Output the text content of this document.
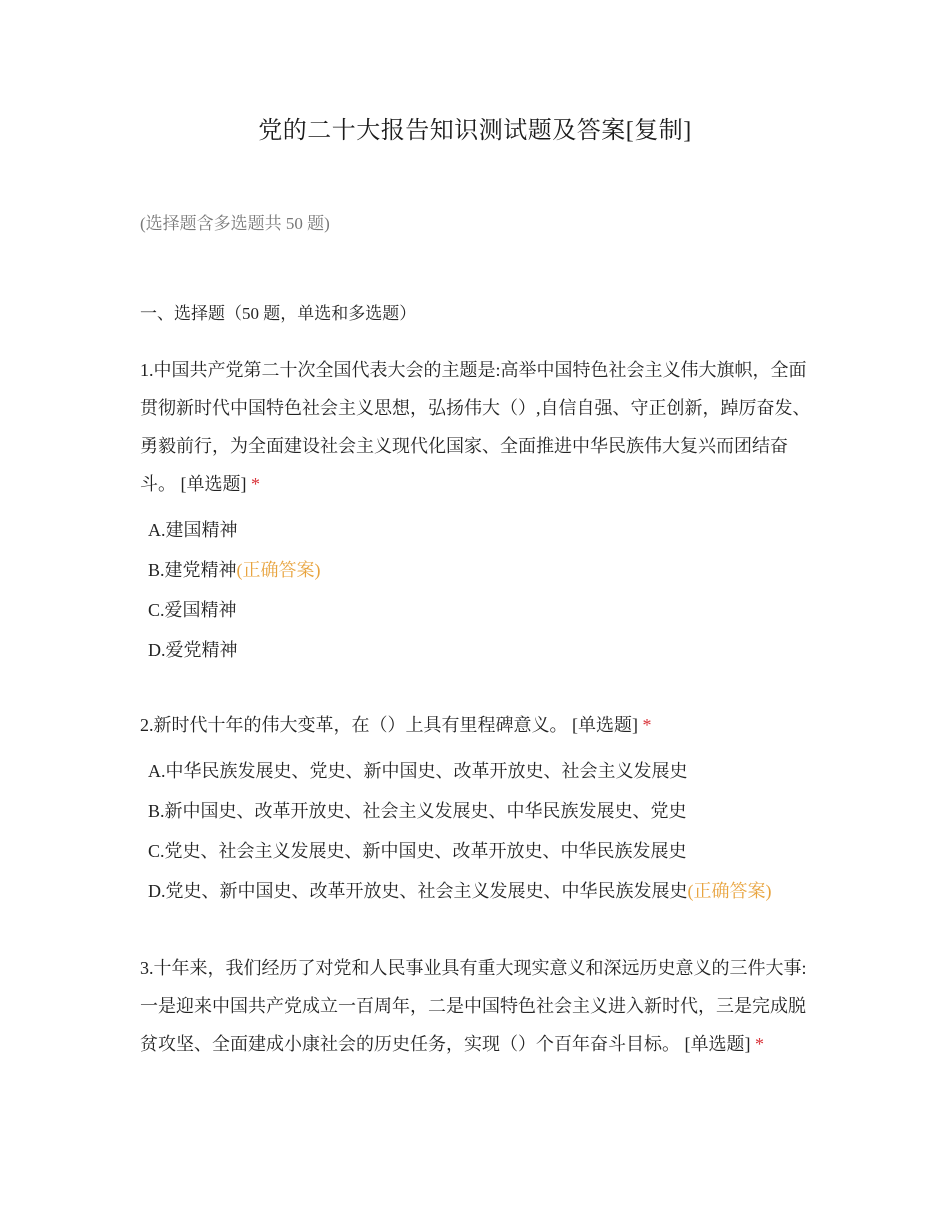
党的二十大报告知识测试题及答案[复制]
(选择题含多选题共 50 题)
一、选择题（50 题，单选和多选题）
1.中国共产党第二十次全国代表大会的主题是:高举中国特色社会主义伟大旗帜，全面贯彻新时代中国特色社会主义思想，弘扬伟大（）,自信自强、守正创新，踔厉奋发、勇毅前行，为全面建设社会主义现代化国家、全面推进中华民族伟大复兴而团结奋斗。 [单选题] *
A.建国精神
B.建党精神(正确答案)
C.爱国精神
D.爱党精神
2.新时代十年的伟大变革，在（）上具有里程碑意义。 [单选题] *
A.中华民族发展史、党史、新中国史、改革开放史、社会主义发展史
B.新中国史、改革开放史、社会主义发展史、中华民族发展史、党史
C.党史、社会主义发展史、新中国史、改革开放史、中华民族发展史
D.党史、新中国史、改革开放史、社会主义发展史、中华民族发展史(正确答案)
3.十年来，我们经历了对党和人民事业具有重大现实意义和深远历史意义的三件大事:一是迎来中国共产党成立一百周年，二是中国特色社会主义进入新时代，三是完成脱贫攻坚、全面建成小康社会的历史任务，实现（）个百年奋斗目标。 [单选题] *
